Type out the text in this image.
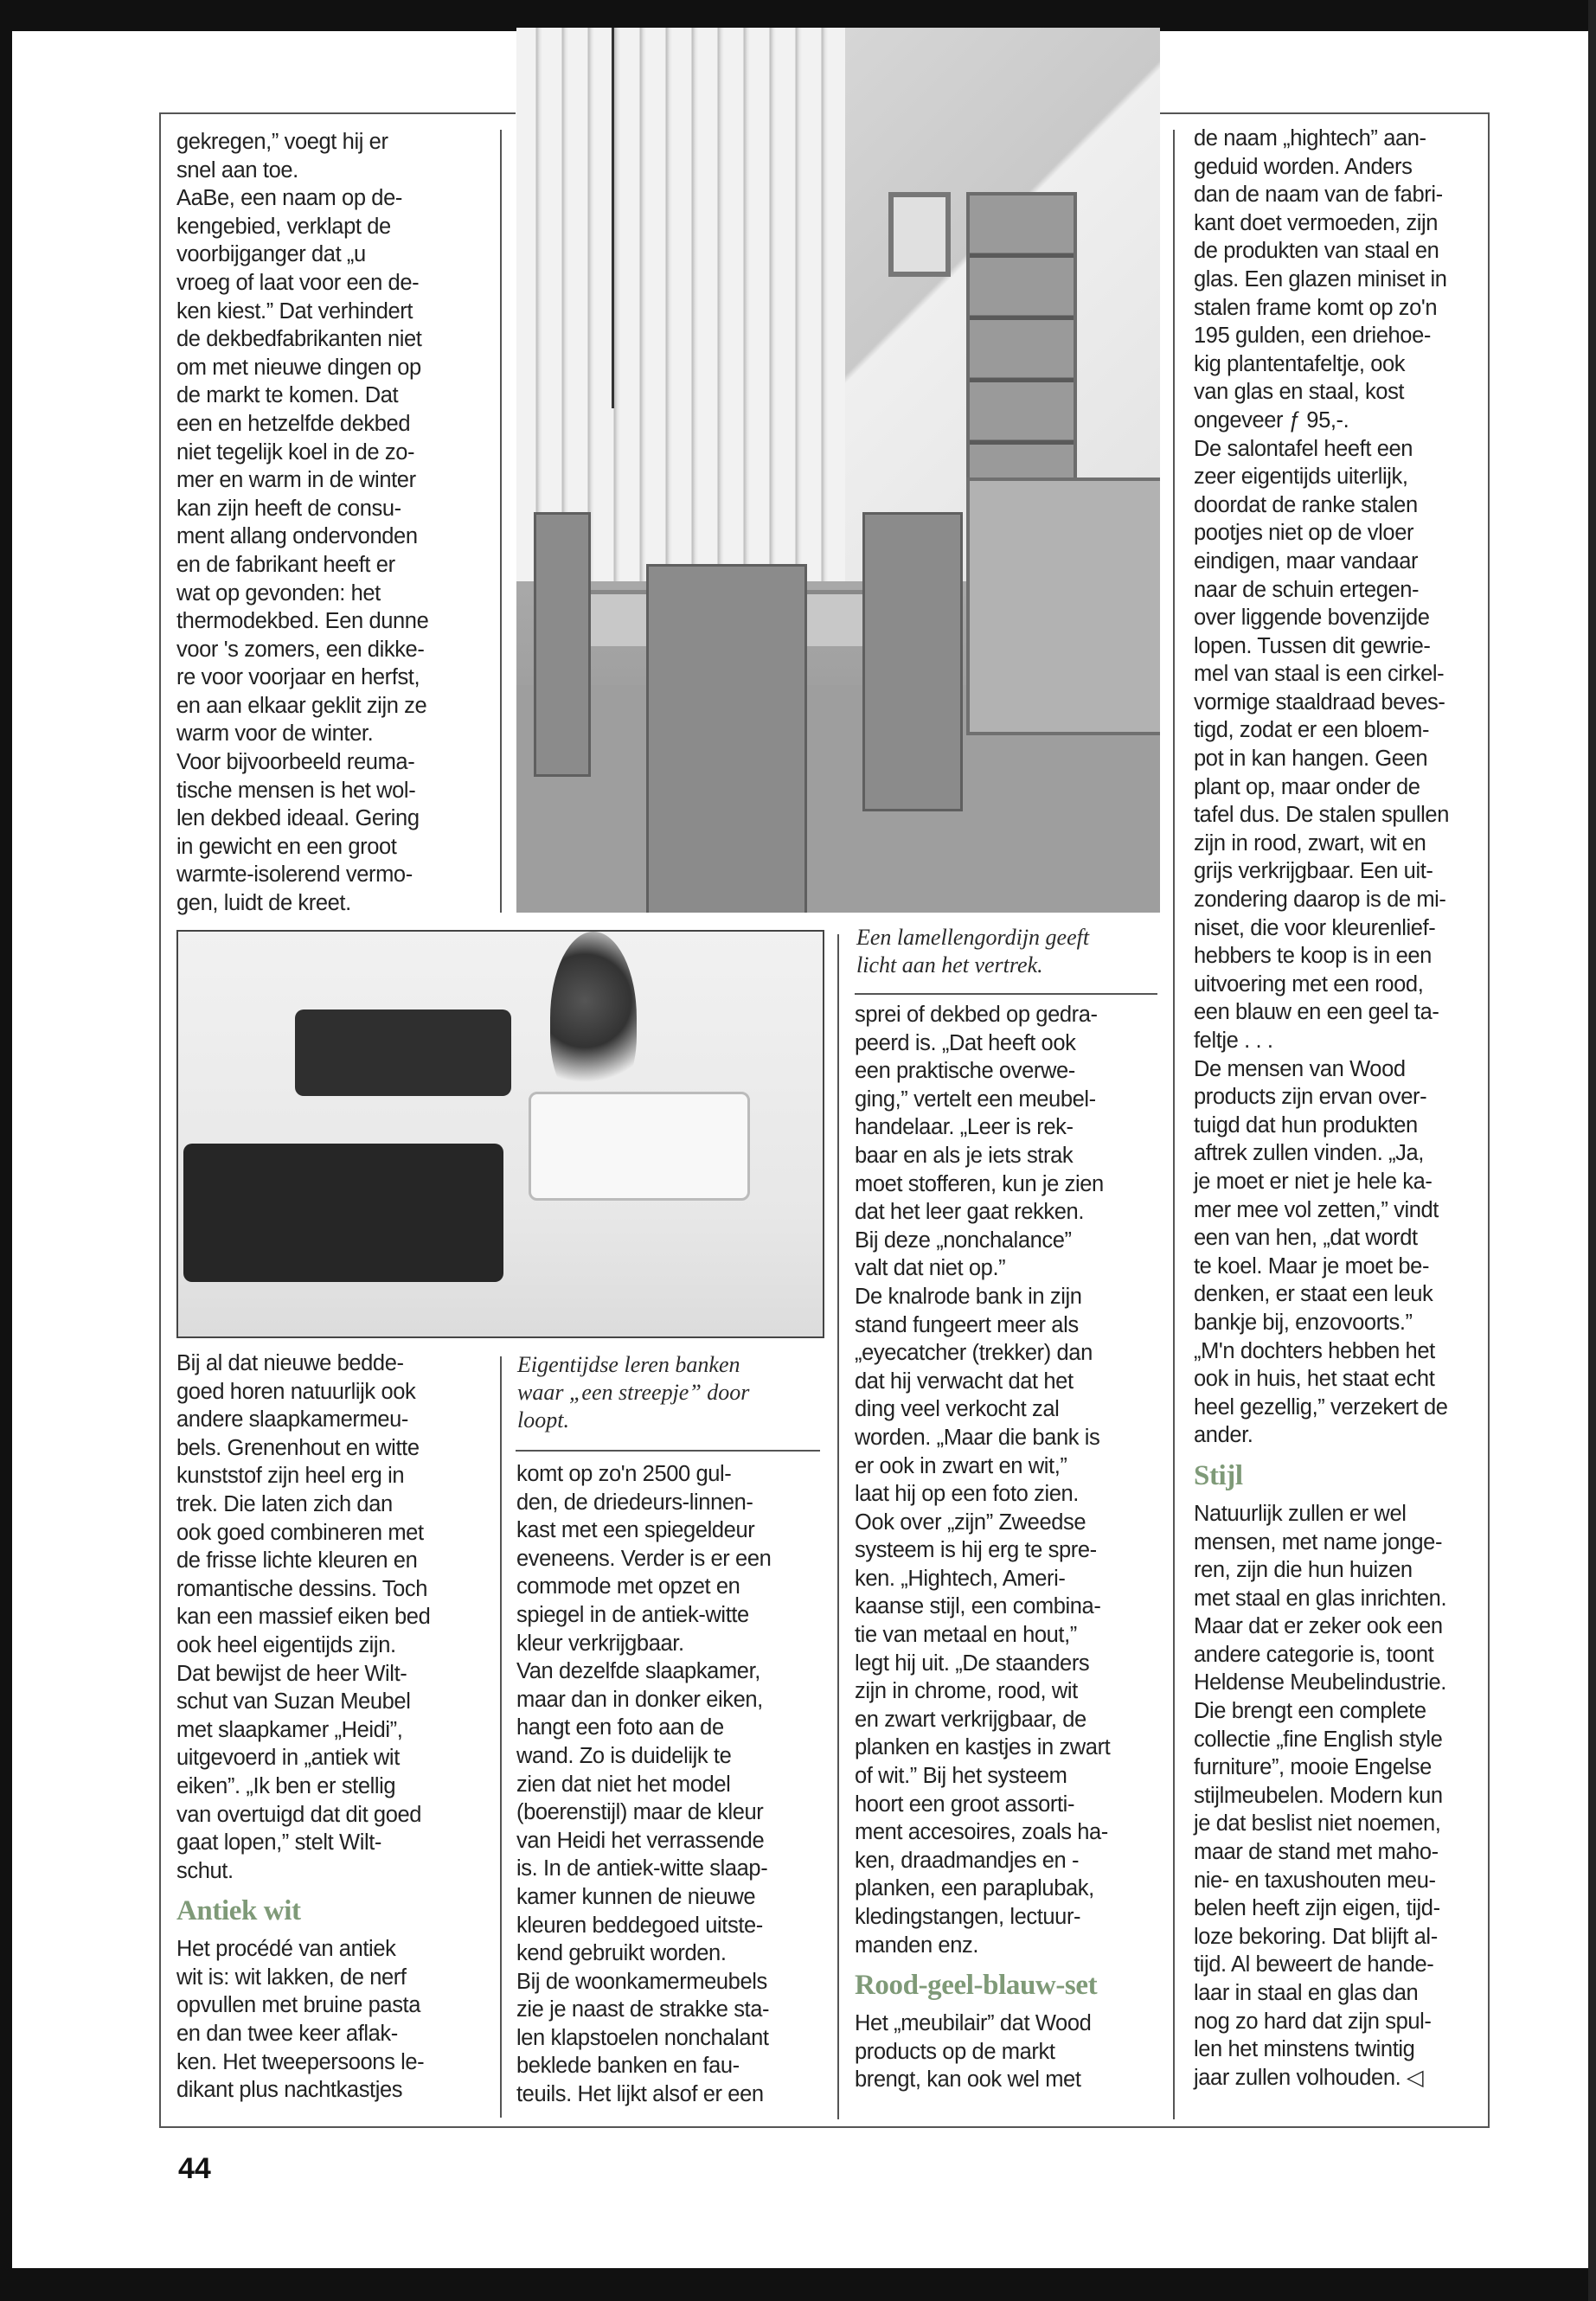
Een lamellengordijn geeft
licht aan het vertrek.
Eigentijdse leren banken
waar „een streepje” door
loopt.

gekregen,” voegt hij er
snel aan toe.
AaBe, een naam op de-
kengebied, verklapt de
voorbijganger dat „u
vroeg of laat voor een de-
ken kiest.” Dat verhindert
de dekbedfabrikanten niet
om met nieuwe dingen op
de markt te komen. Dat
een en hetzelfde dekbed
niet tegelijk koel in de zo-
mer en warm in de winter
kan zijn heeft de consu-
ment allang ondervonden
en de fabrikant heeft er
wat op gevonden: het
thermodekbed. Een dunne
voor 's zomers, een dikke-
re voor voorjaar en herfst,
en aan elkaar geklit zijn ze
warm voor de winter.
Voor bijvoorbeeld reuma-
tische mensen is het wol-
len dekbed ideaal. Gering
in gewicht en een groot
warmte-isolerend vermo-
gen, luidt de kreet.

Bij al dat nieuwe bedde-
goed horen natuurlijk ook
andere slaapkamermeu-
bels. Grenenhout en witte
kunststof zijn heel erg in
trek. Die laten zich dan
ook goed combineren met
de frisse lichte kleuren en
romantische dessins. Toch
kan een massief eiken bed
ook heel eigentijds zijn.
Dat bewijst de heer Wilt-
schut van Suzan Meubel
met slaapkamer „Heidi”,
uitgevoerd in „antiek wit
eiken”. „Ik ben er stellig
van overtuigd dat dit goed
gaat lopen,” stelt Wilt-
schut.

Antiek wit

Het procédé van antiek
wit is: wit lakken, de nerf
opvullen met bruine pasta
en dan twee keer aflak-
ken. Het tweepersoons le-
dikant plus nachtkastjes

komt op zo'n 2500 gul-
den, de driedeurs-linnen-
kast met een spiegeldeur
eveneens. Verder is er een
commode met opzet en
spiegel in de antiek-witte
kleur verkrijgbaar.
Van dezelfde slaapkamer,
maar dan in donker eiken,
hangt een foto aan de
wand. Zo is duidelijk te
zien dat niet het model
(boerenstijl) maar de kleur
van Heidi het verrassende
is. In de antiek-witte slaap-
kamer kunnen de nieuwe
kleuren beddegoed uitste-
kend gebruikt worden.
Bij de woonkamermeubels
zie je naast de strakke sta-
len klapstoelen nonchalant
beklede banken en fau-
teuils. Het lijkt alsof er een

sprei of dekbed op gedra-
peerd is. „Dat heeft ook
een praktische overwe-
ging,” vertelt een meubel-
handelaar. „Leer is rek-
baar en als je iets strak
moet stofferen, kun je zien
dat het leer gaat rekken.
Bij deze „nonchalance”
valt dat niet op.”
De knalrode bank in zijn
stand fungeert meer als
„eyecatcher (trekker) dan
dat hij verwacht dat het
ding veel verkocht zal
worden. „Maar die bank is
er ook in zwart en wit,”
laat hij op een foto zien.
Ook over „zijn” Zweedse
systeem is hij erg te spre-
ken. „Hightech, Ameri-
kaanse stijl, een combina-
tie van metaal en hout,”
legt hij uit. „De staanders
zijn in chrome, rood, wit
en zwart verkrijgbaar, de
planken en kastjes in zwart
of wit.” Bij het systeem
hoort een groot assorti-
ment accesoires, zoals ha-
ken, draadmandjes en -
planken, een paraplubak,
kledingstangen, lectuur-
manden enz.

Rood-geel-blauw-set

Het „meubilair” dat Wood
products op de markt
brengt, kan ook wel met

de naam „hightech” aan-
geduid worden. Anders
dan de naam van de fabri-
kant doet vermoeden, zijn
de produkten van staal en
glas. Een glazen miniset in
stalen frame komt op zo'n
195 gulden, een driehoe-
kig plantentafeltje, ook
van glas en staal, kost
ongeveer ƒ 95,-.
De salontafel heeft een
zeer eigentijds uiterlijk,
doordat de ranke stalen
pootjes niet op de vloer
eindigen, maar vandaar
naar de schuin ertegen-
over liggende bovenzijde
lopen. Tussen dit gewrie-
mel van staal is een cirkel-
vormige staaldraad beves-
tigd, zodat er een bloem-
pot in kan hangen. Geen
plant op, maar onder de
tafel dus. De stalen spullen
zijn in rood, zwart, wit en
grijs verkrijgbaar. Een uit-
zondering daarop is de mi-
niset, die voor kleurenlief-
hebbers te koop is in een
uitvoering met een rood,
een blauw en een geel ta-
feltje . . .
De mensen van Wood
products zijn ervan over-
tuigd dat hun produkten
aftrek zullen vinden. „Ja,
je moet er niet je hele ka-
mer mee vol zetten,” vindt
een van hen, „dat wordt
te koel. Maar je moet be-
denken, er staat een leuk
bankje bij, enzovoorts.”
„M'n dochters hebben het
ook in huis, het staat echt
heel gezellig,” verzekert de
ander.

Stijl

Natuurlijk zullen er wel
mensen, met name jonge-
ren, zijn die hun huizen
met staal en glas inrichten.
Maar dat er zeker ook een
andere categorie is, toont
Heldense Meubelindustrie.
Die brengt een complete
collectie „fine English style
furniture”, mooie Engelse
stijlmeubelen. Modern kun
je dat beslist niet noemen,
maar de stand met maho-
nie- en taxushouten meu-
belen heeft zijn eigen, tijd-
loze bekoring. Dat blijft al-
tijd. Al beweert de hande-
laar in staal en glas dan
nog zo hard dat zijn spul-
len het minstens twintig
jaar zullen volhouden. ◁

44
